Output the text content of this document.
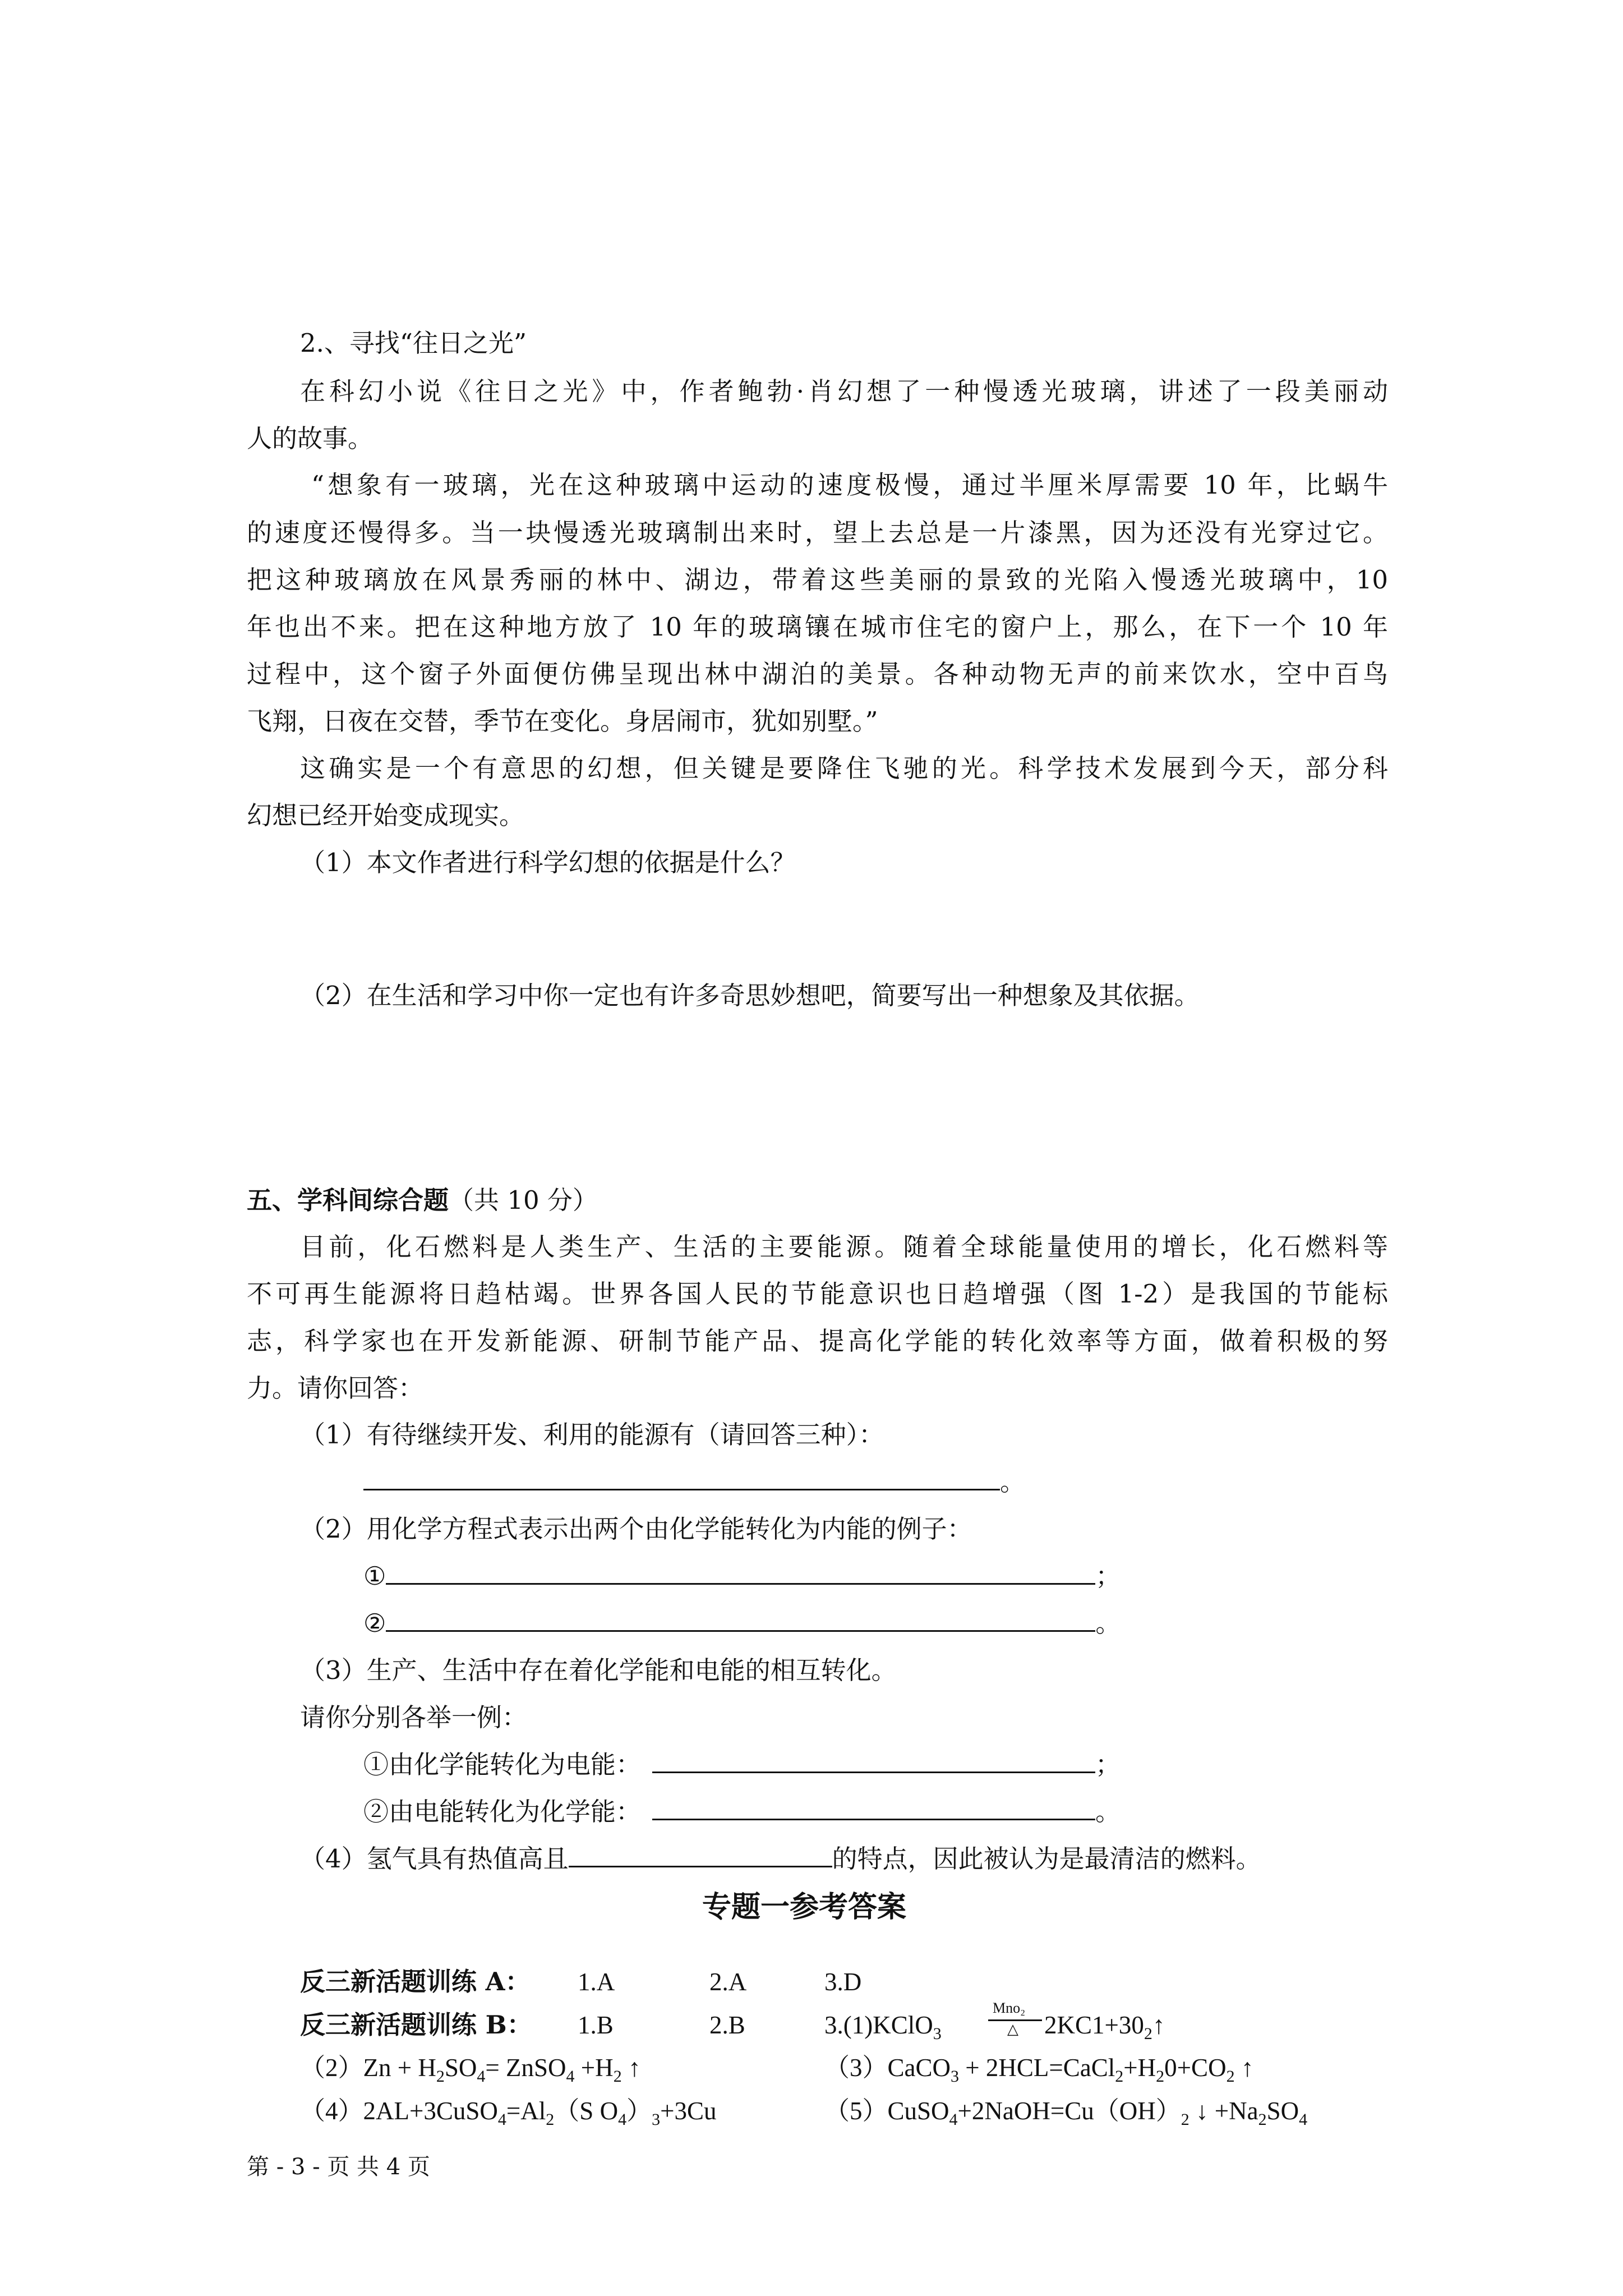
2.、寻找“往日之光”
在科幻小说《往日之光》中，作者鲍勃·肖幻想了一种慢透光玻璃，讲述了一段美丽动
人的故事。
“想象有一玻璃，光在这种玻璃中运动的速度极慢，通过半厘米厚需要 10 年，比蜗牛
的速度还慢得多。当一块慢透光玻璃制出来时，望上去总是一片漆黑，因为还没有光穿过它。
把这种玻璃放在风景秀丽的林中、湖边，带着这些美丽的景致的光陷入慢透光玻璃中，10
年也出不来。把在这种地方放了 10 年的玻璃镶在城市住宅的窗户上，那么，在下一个 10 年
过程中，这个窗子外面便仿佛呈现出林中湖泊的美景。各种动物无声的前来饮水，空中百鸟
飞翔，日夜在交替，季节在变化。身居闹市，犹如别墅。”
这确实是一个有意思的幻想，但关键是要降住飞驰的光。科学技术发展到今天，部分科
幻想已经开始变成现实。
（1）本文作者进行科学幻想的依据是什么？
（2）在生活和学习中你一定也有许多奇思妙想吧，简要写出一种想象及其依据。
五、学科间综合题（共 10 分）
目前，化石燃料是人类生产、生活的主要能源。随着全球能量使用的增长，化石燃料等
不可再生能源将日趋枯竭。世界各国人民的节能意识也日趋增强（图 1-2）是我国的节能标
志，科学家也在开发新能源、研制节能产品、提高化学能的转化效率等方面，做着积极的努
力。请你回答：
（1）有待继续开发、利用的能源有（请回答三种）：
。
（2）用化学方程式表示出两个由化学能转化为内能的例子：
①	；
②	。
（3）生产、生活中存在着化学能和电能的相互转化。
请你分别各举一例：
①由化学能转化为电能：	；
②由电能转化为化学能：	。
（4）氢气具有热值高且	的特点，因此被认为是最清洁的燃料。
专题一参考答案
反三新活题训练 A： 1.A	2.A	3.D
反三新活题训练 B： 1.B	2.B	3.(1)KClO$_3$
Mno₂
△ $2KC1+30_2↑$
$(2)Zn + H_2SO_4=$ ZnSO$_4$ $+H_2$ ↑	（3）CaCO$_3$ + $2HCL=CaCl_2+H_20+CO_2$ ↑
$(4)2AL+3CuSO_4=Al_2(S$ $O_4)_3+3Cu$	$(5)CuSO_4+2NaOH=Cu(OH)_2$ ↓ $+Na_2SO_4$
第 - 3 - 页 共 4 页
